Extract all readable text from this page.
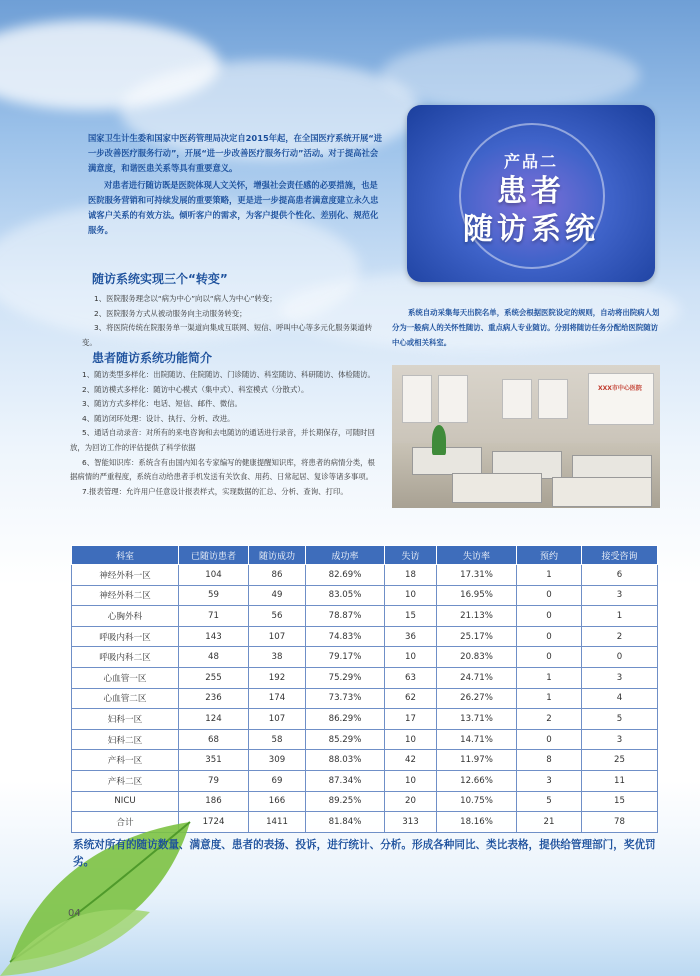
国家卫生计生委和国家中医药管理局决定自2015年起，在全国医疗系统开展“进一步改善医疗服务行动”，开展“进一步改善医疗服务行动”活动。对于提高社会满意度，和谐医患关系等具有重要意义。

对患者进行随访既是医院体现人文关怀，增强社会责任感的必要措施，也是医院服务营销和可持续发展的重要策略，更是进一步提高患者满意度建立永久忠诚客户关系的有效方法。倾听客户的需求，为客户提供个性化、差别化、规范化服务。

产品二
患者
随访系统
系统自动采集每天出院名单，系统会根据医院设定的规则，自动将出院病人划分为一般病人的关怀性随访、重点病人专业随访。分别将随访任务分配给医院随访中心或相关科室。
随访系统实现三个“转变”

1、医院服务理念以“病为中心”向以“病人为中心”转变；

2、医院服务方式从被动服务向主动服务转变；

3、将医院传统在院服务单一渠道向集成互联网、短信、呼叫中心等多元化服务渠道转变。

患者随访系统功能简介

1、随访类型多样化：出院随访、住院随访、门诊随访、科室随访、科研随访、体检随访。

2、随访模式多样化：随访中心模式（集中式）、科室模式（分散式）。

3、随访方式多样化：电话、短信、邮件、微信。

4、随访闭环处理：设计、执行、分析、改进。

5、通话自动录音：对所有的来电咨询和去电随访的通话进行录音，并长期保存，可随时回放，为回访工作的评估提供了科学依据

6、智能知识库：系统含有由国内知名专家编写的健康提醒知识库，将患者的病情分类，根据病情的严重程度，系统自动给患者手机发送有关饮食、用药、日常起居、复诊等诸多事项。

7.报表管理：允许用户任意设计报表样式，实现数据的汇总、分析、查询、打印。

XXX市中心医院
科室	已随访患者	随访成功	成功率	失访	失访率	预约	接受咨询
神经外科一区	104	86	82.69%	18	17.31%	1	6
神经外科二区	59	49	83.05%	10	16.95%	0	3
心胸外科	71	56	78.87%	15	21.13%	0	1
呼吸内科一区	143	107	74.83%	36	25.17%	0	2
呼吸内科二区	48	38	79.17%	10	20.83%	0	0
心血管一区	255	192	75.29%	63	24.71%	1	3
心血管二区	236	174	73.73%	62	26.27%	1	4
妇科一区	124	107	86.29%	17	13.71%	2	5
妇科二区	68	58	85.29%	10	14.71%	0	3
产科一区	351	309	88.03%	42	11.97%	8	25
产科二区	79	69	87.34%	10	12.66%	3	11
NICU	186	166	89.25%	20	10.75%	5	15
合计	1724	1411	81.84%	313	18.16%	21	78
系统对所有的随访数量、满意度、患者的表扬、投诉，进行统计、分析。形成各种同比、类比表格，提供给管理部门，奖优罚劣。
04
